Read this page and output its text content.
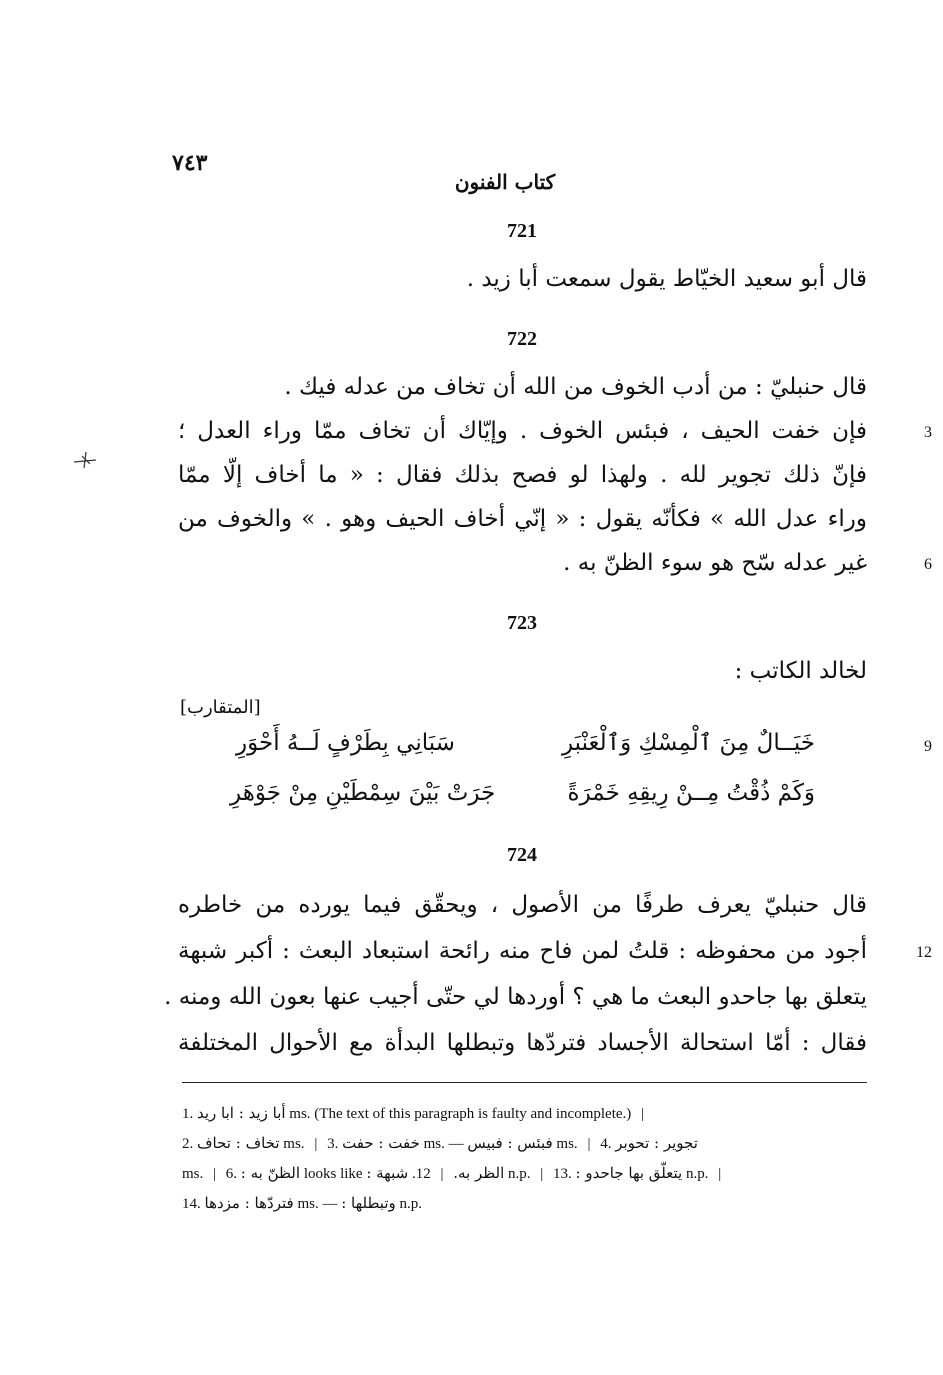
٧٤٣
كتاب الفنون
721
قال أبو سعيد الخيّاط يقول سمعت أبا زيد .
722
قال حنبليّ : من أدب الخوف من الله أن تخاف من عدله فيك .
فإن خفت الحيف ، فبئس الخوف . وإيّاك أن تخاف ممّا وراء العدل ؛
فإنّ ذلك تجوير لله . ولهذا لو فصح بذلك فقال : « ما أخاف إلّا ممّا
وراء عدل الله » فكأنّه يقول : « إنّي أخاف الحيف وهو . » والخوف من
غير عدله سّح هو سوء الظنّ به .
3
6
723
لخالد الكاتب :
[المتقارب]
خَيَــالٌ مِنَ ٱلْمِسْكِ وَٱلْعَنْبَرِ
سَبَانِي بِطَرْفٍ لَــهُ أَحْوَرِ
وَكَمْ ذُقْتُ مِــنْ رِيقِهِ خَمْرَةً
جَرَتْ بَيْنَ سِمْطَيْنِ مِنْ جَوْهَرِ
9
724
قال حنبليّ يعرف طرفًا من الأصول ، ويحقّق فيما يورده من خاطره
أجود من محفوظه : قلتُ لمن فاح منه رائحة استبعاد البعث : أكبر شبهة
يتعلق بها جاحدو البعث ما هي ؟ أوردها لي حتّى أجيب عنها بعون الله ومنه .
فقال : أمّا استحالة الأجساد فتردّها وتبطلها البدأة مع الأحوال المختلفة
12
1. أبا زيد : ابا ريد ms. (The text of this paragraph is faulty and incomplete.) |
2. تخاف : تحاف ms. | 3. خفت : حفت ms. — فبئس : فبيس ms. | 4. تجوير : تحوبر
ms. | 6. الظنّ به : looks like	الظر به. | 12. شبهة :	n.p. | 13. يتعلّق بها جاحدو : n.p. |
14. فتردّها : مزدها ms. — وتبطلها : n.p.
